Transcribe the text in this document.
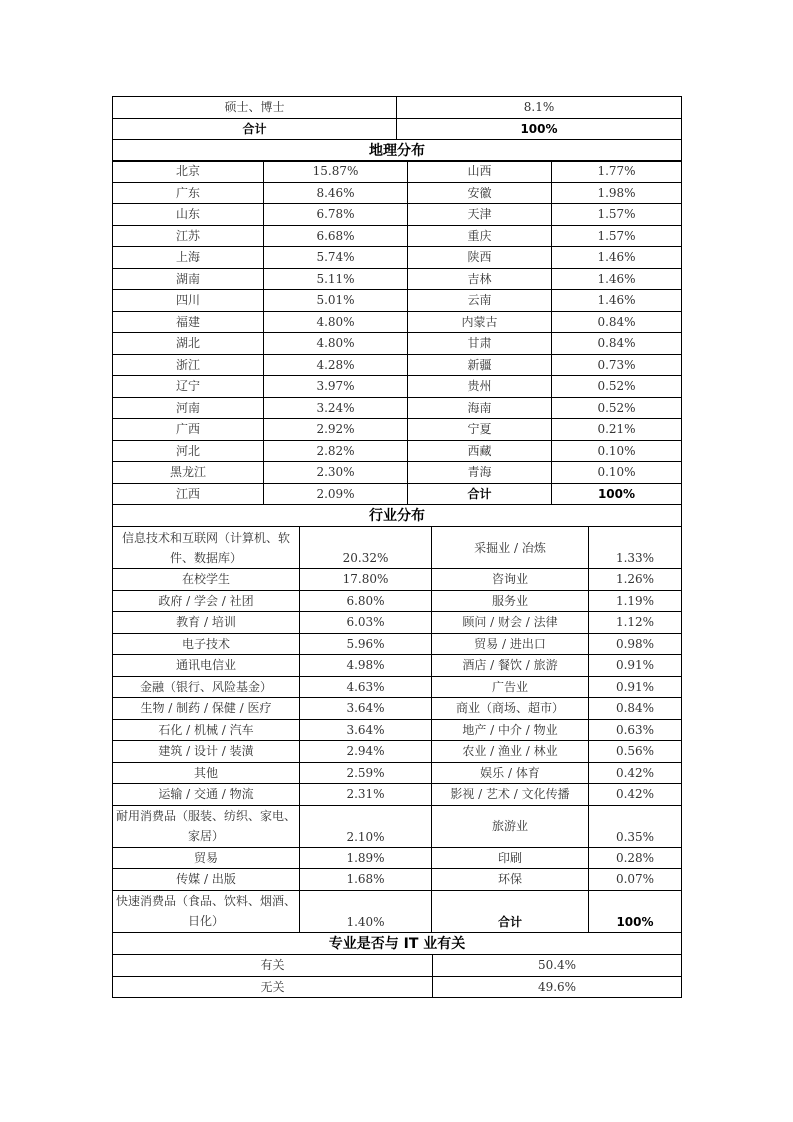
硕士、博士	8.1%
合计	100%
地理分布	
北京	15.87%	山西	1.77%
广东	8.46%	安徽	1.98%
山东	6.78%	天津	1.57%
江苏	6.68%	重庆	1.57%
上海	5.74%	陕西	1.46%
湖南	5.11%	吉林	1.46%
四川	5.01%	云南	1.46%
福建	4.80%	内蒙古	0.84%
湖北	4.80%	甘肃	0.84%
浙江	4.28%	新疆	0.73%
辽宁	3.97%	贵州	0.52%
河南	3.24%	海南	0.52%
广西	2.92%	宁夏	0.21%
河北	2.82%	西藏	0.10%
黑龙江	2.30%	青海	0.10%
江西	2.09%	合计	100%
行业分布			
信息技术和互联网（计算机、软件、数据库）	20.32%	采掘业 / 冶炼	1.33%
在校学生	17.80%	咨询业	1.26%
政府 / 学会 / 社团	6.80%	服务业	1.19%
教育 / 培训	6.03%	顾问 / 财会 / 法律	1.12%
电子技术	5.96%	贸易 / 进出口	0.98%
通讯电信业	4.98%	酒店 / 餐饮 / 旅游	0.91%
金融（银行、风险基金）	4.63%	广告业	0.91%
生物 / 制药 / 保健 / 医疗	3.64%	商业（商场、超市）	0.84%
石化 / 机械 / 汽车	3.64%	地产 / 中介 / 物业	0.63%
建筑 / 设计 / 装潢	2.94%	农业 / 渔业 / 林业	0.56%
其他	2.59%	娱乐 / 体育	0.42%
运输 / 交通 / 物流	2.31%	影视 / 艺术 / 文化传播	0.42%
耐用消费品（服装、纺织、家电、家居）	2.10%	旅游业	0.35%
贸易	1.89%	印刷	0.28%
传媒 / 出版	1.68%	环保	0.07%
快速消费品（食品、饮料、烟酒、日化）	1.40%	合计	100%
专业是否与 IT 业有关	
有关	50.4%
无关	49.6%
